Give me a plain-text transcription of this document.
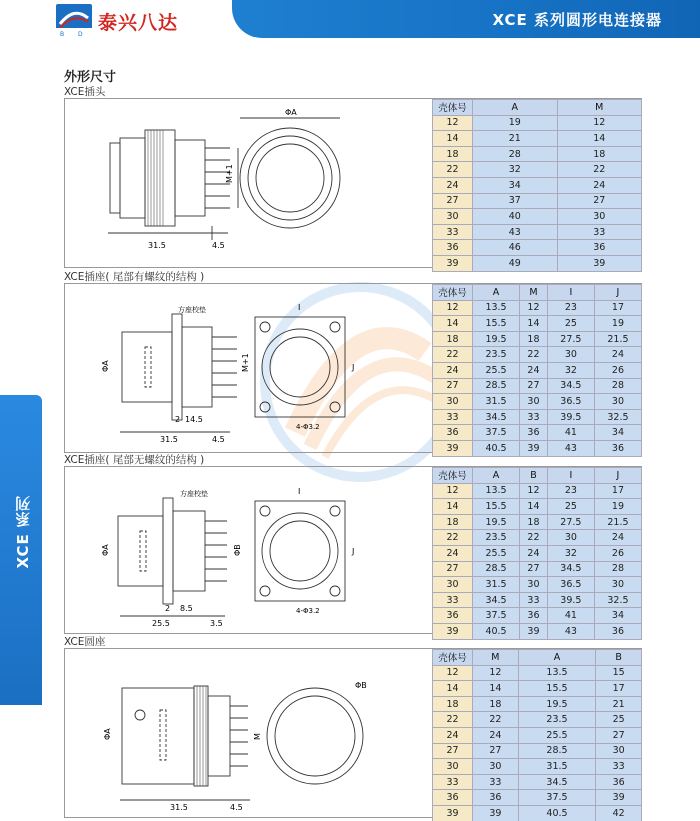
B D
泰兴八达	XCE 系列圆形电连接器
XCE 系列
外形尺寸
XCE插头
31.5	4.5
M+1
ΦA	壳体号	A	M
12	19	12
14	21	14
18	28	18
22	32	22
24	34	24
27	37	27
30	40	30
33	43	33
36	46	36
39	49	39
XCE插座( 尾部有螺纹的结构 )
方座校垫
ΦA	M+1
2 14.5
31.5	4.5
I
J
4-Φ3.2
壳体号	A	M	I	J
12	13.5	12	23	17
14	15.5	14	25	19
18	19.5	18	27.5	21.5
22	23.5	22	30	24
24	25.5	24	32	26
27	28.5	27	34.5	28
30	31.5	30	36.5	30
33	34.5	33	39.5	32.5
36	37.5	36	41	34
39	40.5	39	43	36
XCE插座( 尾部无螺纹的结构 )
方座校垫
ΦA	ΦB
2 8.5
25.5	3.5
I
J
4-Φ3.2
壳体号	A	B	I	J
12	13.5	12	23	17
14	15.5	14	25	19
18	19.5	18	27.5	21.5
22	23.5	22	30	24
24	25.5	24	32	26
27	28.5	27	34.5	28
30	31.5	30	36.5	30
33	34.5	33	39.5	32.5
36	37.5	36	41	34
39	40.5	39	43	36
XCE圆座
ΦA	M
31.5	4.5
ΦB
壳体号	M	A	B
12	12	13.5	15
14	14	15.5	17
18	18	19.5	21
22	22	23.5	25
24	24	25.5	27
27	27	28.5	30
30	30	31.5	33
33	33	34.5	36
36	36	37.5	39
39	39	40.5	42
